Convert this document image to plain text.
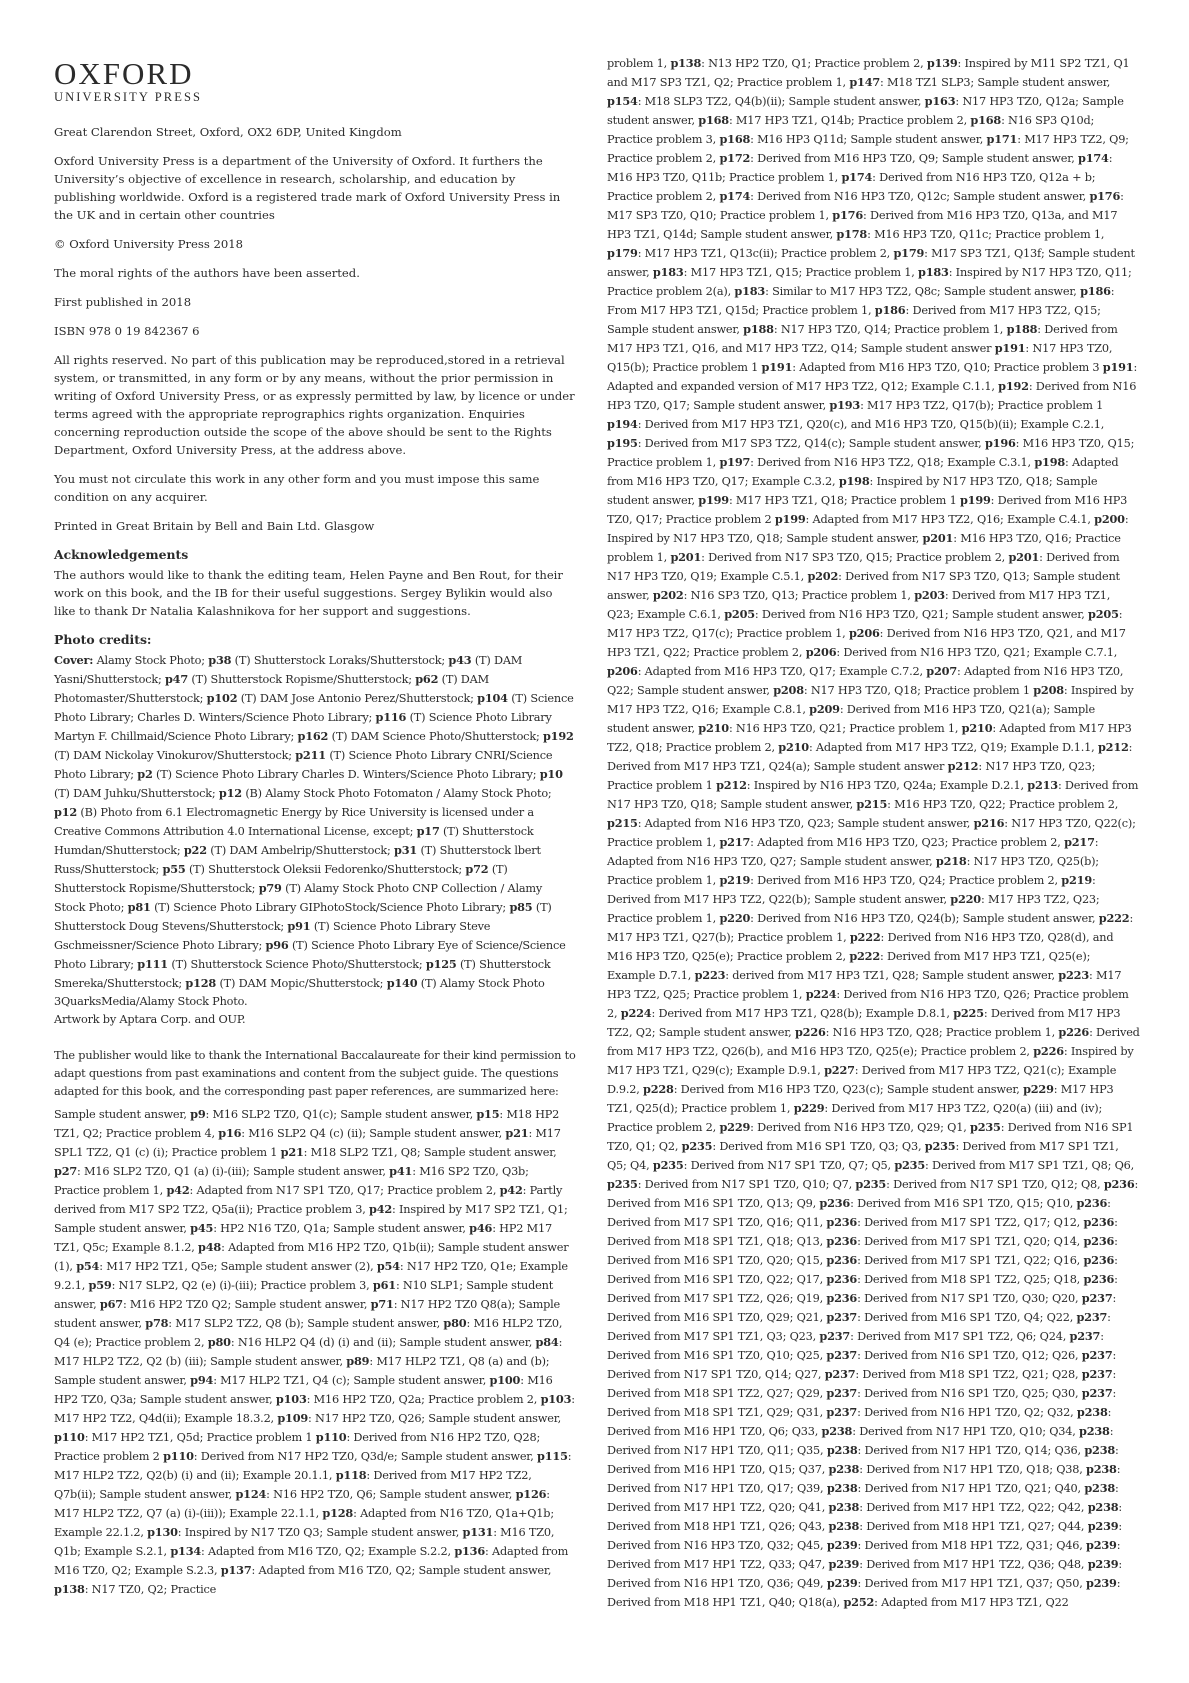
OXFORD
UNIVERSITY PRESS

Great Clarendon Street, Oxford, OX2 6DP, United Kingdom

Oxford University Press is a department of the University of Oxford. It furthers the University’s objective of excellence in research, scholarship, and education by publishing worldwide. Oxford is a registered trade mark of Oxford University Press in the UK and in certain other countries

© Oxford University Press 2018

The moral rights of the authors have been asserted.

First published in 2018

ISBN 978 0 19 842367 6

All rights reserved. No part of this publication may be reproduced,stored in a retrieval system, or transmitted, in any form or by any means, without the prior permission in writing of Oxford University Press, or as expressly permitted by law, by licence or under terms agreed with the appropriate reprographics rights organization. Enquiries concerning reproduction outside the scope of the above should be sent to the Rights Department, Oxford University Press, at the address above.

You must not circulate this work in any other form and you must impose this same condition on any acquirer.

Printed in Great Britain by Bell and Bain Ltd. Glasgow

Acknowledgements

The authors would like to thank the editing team, Helen Payne and Ben Rout, for their work on this book, and the IB for their useful suggestions. Sergey Bylikin would also like to thank Dr Natalia Kalashnikova for her support and suggestions.

Photo credits:
Cover: Alamy Stock Photo; p38 (T) Shutterstock Loraks/Shutterstock; p43 (T) DAM Yasni/Shutterstock; p47 (T) Shutterstock Ropisme/Shutterstock; p62 (T) DAM Photomaster/Shutterstock; p102 (T) DAM Jose Antonio Perez/Shutterstock; p104 (T) Science Photo Library; Charles D. Winters/Science Photo Library; p116 (T) Science Photo Library Martyn F. Chillmaid/Science Photo Library; p162 (T) DAM Science Photo/Shutterstock; p192 (T) DAM Nickolay Vinokurov/Shutterstock; p211 (T) Science Photo Library CNRI/Science Photo Library; p2 (T) Science Photo Library Charles D. Winters/Science Photo Library; p10 (T) DAM Juhku/Shutterstock; p12 (B) Alamy Stock Photo Fotomaton / Alamy Stock Photo; p12 (B) Photo from 6.1 Electromagnetic Energy by Rice University is licensed under a Creative Commons Attribution 4.0 International License, except; p17 (T) Shutterstock Humdan/Shutterstock; p22 (T) DAM Ambelrip/Shutterstock; p31 (T) Shutterstock lbert Russ/Shutterstock; p55 (T) Shutterstock Oleksii Fedorenko/Shutterstock; p72 (T) Shutterstock Ropisme/Shutterstock; p79 (T) Alamy Stock Photo CNP Collection / Alamy Stock Photo; p81 (T) Science Photo Library GIPhotoStock/Science Photo Library; p85 (T) Shutterstock Doug Stevens/Shutterstock; p91 (T) Science Photo Library Steve Gschmeissner/Science Photo Library; p96 (T) Science Photo Library Eye of Science/Science Photo Library; p111 (T) Shutterstock Science Photo/Shutterstock; p125 (T) Shutterstock Smereka/Shutterstock; p128 (T) DAM Mopic/Shutterstock; p140 (T) Alamy Stock Photo 3QuarksMedia/Alamy Stock Photo.
Artwork by Aptara Corp. and OUP.

The publisher would like to thank the International Baccalaureate for their kind permission to adapt questions from past examinations and content from the subject guide. The questions adapted for this book, and the corresponding past paper references, are summarized here:

Sample student answer, p9: M16 SLP2 TZ0, Q1(c); Sample student answer, p15: M18 HP2 TZ1, Q2; Practice problem 4, p16: M16 SLP2 Q4 (c) (ii); Sample student answer, p21: M17 SPL1 TZ2, Q1 (c) (i); Practice problem 1 p21: M18 SLP2 TZ1, Q8; Sample student answer, p27: M16 SLP2 TZ0, Q1 (a) (i)-(iii); Sample student answer, p41: M16 SP2 TZ0, Q3b; Practice problem 1, p42: Adapted from N17 SP1 TZ0, Q17; Practice problem 2, p42: Partly derived from M17 SP2 TZ2, Q5a(ii); Practice problem 3, p42: Inspired by M17 SP2 TZ1, Q1; Sample student answer, p45: HP2 N16 TZ0, Q1a; Sample student answer, p46: HP2 M17 TZ1, Q5c; Example 8.1.2, p48: Adapted from M16 HP2 TZ0, Q1b(ii); Sample student answer (1), p54: M17 HP2 TZ1, Q5e; Sample student answer (2), p54: N17 HP2 TZ0, Q1e; Example 9.2.1, p59: N17 SLP2, Q2 (e) (i)-(iii); Practice problem 3, p61: N10 SLP1; Sample student answer, p67: M16 HP2 TZ0 Q2; Sample student answer, p71: N17 HP2 TZ0 Q8(a); Sample student answer, p78: M17 SLP2 TZ2, Q8 (b); Sample student answer, p80: M16 HLP2 TZ0, Q4 (e); Practice problem 2, p80: N16 HLP2 Q4 (d) (i) and (ii); Sample student answer, p84: M17 HLP2 TZ2, Q2 (b) (iii); Sample student answer, p89: M17 HLP2 TZ1, Q8 (a) and (b); Sample student answer, p94: M17 HLP2 TZ1, Q4 (c); Sample student answer, p100: M16 HP2 TZ0, Q3a; Sample student answer, p103: M16 HP2 TZ0, Q2a; Practice problem 2, p103: M17 HP2 TZ2, Q4d(ii); Example 18.3.2, p109: N17 HP2 TZ0, Q26; Sample student answer, p110: M17 HP2 TZ1, Q5d; Practice problem 1 p110: Derived from N16 HP2 TZ0, Q28; Practice problem 2 p110: Derived from N17 HP2 TZ0, Q3d/e; Sample student answer, p115: M17 HLP2 TZ2, Q2(b) (i) and (ii); Example 20.1.1, p118: Derived from M17 HP2 TZ2, Q7b(ii); Sample student answer, p124: N16 HP2 TZ0, Q6; Sample student answer, p126: M17 HLP2 TZ2, Q7 (a) (i)-(iii)); Example 22.1.1, p128: Adapted from N16 TZ0, Q1a+Q1b; Example 22.1.2, p130: Inspired by N17 TZ0 Q3; Sample student answer, p131: M16 TZ0, Q1b; Example S.2.1, p134: Adapted from M16 TZ0, Q2; Example S.2.2, p136: Adapted from M16 TZ0, Q2; Example S.2.3, p137: Adapted from M16 TZ0, Q2; Sample student answer, p138: N17 TZ0, Q2; Practice

problem 1, p138: N13 HP2 TZ0, Q1; Practice problem 2, p139: Inspired by M11 SP2 TZ1, Q1 and M17 SP3 TZ1, Q2; Practice problem 1, p147: M18 TZ1 SLP3; Sample student answer, p154: M18 SLP3 TZ2, Q4(b)(ii); Sample student answer, p163: N17 HP3 TZ0, Q12a; Sample student answer, p168: M17 HP3 TZ1, Q14b; Practice problem 2, p168: N16 SP3 Q10d; Practice problem 3, p168: M16 HP3 Q11d; Sample student answer, p171: M17 HP3 TZ2, Q9; Practice problem 2, p172: Derived from M16 HP3 TZ0, Q9; Sample student answer, p174: M16 HP3 TZ0, Q11b; Practice problem 1, p174: Derived from N16 HP3 TZ0, Q12a + b; Practice problem 2, p174: Derived from N16 HP3 TZ0, Q12c; Sample student answer, p176: M17 SP3 TZ0, Q10; Practice problem 1, p176: Derived from M16 HP3 TZ0, Q13a, and M17 HP3 TZ1, Q14d; Sample student answer, p178: M16 HP3 TZ0, Q11c; Practice problem 1, p179: M17 HP3 TZ1, Q13c(ii); Practice problem 2, p179: M17 SP3 TZ1, Q13f; Sample student answer, p183: M17 HP3 TZ1, Q15; Practice problem 1, p183: Inspired by N17 HP3 TZ0, Q11; Practice problem 2(a), p183: Similar to M17 HP3 TZ2, Q8c; Sample student answer, p186: From M17 HP3 TZ1, Q15d; Practice problem 1, p186: Derived from M17 HP3 TZ2, Q15; Sample student answer, p188: N17 HP3 TZ0, Q14; Practice problem 1, p188: Derived from M17 HP3 TZ1, Q16, and M17 HP3 TZ2, Q14; Sample student answer p191: N17 HP3 TZ0, Q15(b); Practice problem 1 p191: Adapted from M16 HP3 TZ0, Q10; Practice problem 3 p191: Adapted and expanded version of M17 HP3 TZ2, Q12; Example C.1.1, p192: Derived from N16 HP3 TZ0, Q17; Sample student answer, p193: M17 HP3 TZ2, Q17(b); Practice problem 1 p194: Derived from M17 HP3 TZ1, Q20(c), and M16 HP3 TZ0, Q15(b)(ii); Example C.2.1, p195: Derived from M17 SP3 TZ2, Q14(c); Sample student answer, p196: M16 HP3 TZ0, Q15; Practice problem 1, p197: Derived from N16 HP3 TZ2, Q18; Example C.3.1, p198: Adapted from M16 HP3 TZ0, Q17; Example C.3.2, p198: Inspired by N17 HP3 TZ0, Q18; Sample student answer, p199: M17 HP3 TZ1, Q18; Practice problem 1 p199: Derived from M16 HP3 TZ0, Q17; Practice problem 2 p199: Adapted from M17 HP3 TZ2, Q16; Example C.4.1, p200: Inspired by N17 HP3 TZ0, Q18; Sample student answer, p201: M16 HP3 TZ0, Q16; Practice problem 1, p201: Derived from N17 SP3 TZ0, Q15; Practice problem 2, p201: Derived from N17 HP3 TZ0, Q19; Example C.5.1, p202: Derived from N17 SP3 TZ0, Q13; Sample student answer, p202: N16 SP3 TZ0, Q13; Practice problem 1, p203: Derived from M17 HP3 TZ1, Q23; Example C.6.1, p205: Derived from N16 HP3 TZ0, Q21; Sample student answer, p205: M17 HP3 TZ2, Q17(c); Practice problem 1, p206: Derived from N16 HP3 TZ0, Q21, and M17 HP3 TZ1, Q22; Practice problem 2, p206: Derived from N16 HP3 TZ0, Q21; Example C.7.1, p206: Adapted from M16 HP3 TZ0, Q17; Example C.7.2, p207: Adapted from N16 HP3 TZ0, Q22; Sample student answer, p208: N17 HP3 TZ0, Q18; Practice problem 1 p208: Inspired by M17 HP3 TZ2, Q16; Example C.8.1, p209: Derived from M16 HP3 TZ0, Q21(a); Sample student answer, p210: N16 HP3 TZ0, Q21; Practice problem 1, p210: Adapted from M17 HP3 TZ2, Q18; Practice problem 2, p210: Adapted from M17 HP3 TZ2, Q19; Example D.1.1, p212: Derived from M17 HP3 TZ1, Q24(a); Sample student answer p212: N17 HP3 TZ0, Q23; Practice problem 1 p212: Inspired by N16 HP3 TZ0, Q24a; Example D.2.1, p213: Derived from N17 HP3 TZ0, Q18; Sample student answer, p215: M16 HP3 TZ0, Q22; Practice problem 2, p215: Adapted from N16 HP3 TZ0, Q23; Sample student answer, p216: N17 HP3 TZ0, Q22(c); Practice problem 1, p217: Adapted from M16 HP3 TZ0, Q23; Practice problem 2, p217: Adapted from N16 HP3 TZ0, Q27; Sample student answer, p218: N17 HP3 TZ0, Q25(b); Practice problem 1, p219: Derived from M16 HP3 TZ0, Q24; Practice problem 2, p219: Derived from M17 HP3 TZ2, Q22(b); Sample student answer, p220: M17 HP3 TZ2, Q23; Practice problem 1, p220: Derived from N16 HP3 TZ0, Q24(b); Sample student answer, p222: M17 HP3 TZ1, Q27(b); Practice problem 1, p222: Derived from N16 HP3 TZ0, Q28(d), and M16 HP3 TZ0, Q25(e); Practice problem 2, p222: Derived from M17 HP3 TZ1, Q25(e); Example D.7.1, p223: derived from M17 HP3 TZ1, Q28; Sample student answer, p223: M17 HP3 TZ2, Q25; Practice problem 1, p224: Derived from N16 HP3 TZ0, Q26; Practice problem 2, p224: Derived from M17 HP3 TZ1, Q28(b); Example D.8.1, p225: Derived from M17 HP3 TZ2, Q2; Sample student answer, p226: N16 HP3 TZ0, Q28; Practice problem 1, p226: Derived from M17 HP3 TZ2, Q26(b), and M16 HP3 TZ0, Q25(e); Practice problem 2, p226: Inspired by M17 HP3 TZ1, Q29(c); Example D.9.1, p227: Derived from M17 HP3 TZ2, Q21(c); Example D.9.2, p228: Derived from M16 HP3 TZ0, Q23(c); Sample student answer, p229: M17 HP3 TZ1, Q25(d); Practice problem 1, p229: Derived from M17 HP3 TZ2, Q20(a) (iii) and (iv); Practice problem 2, p229: Derived from N16 HP3 TZ0, Q29; Q1, p235: Derived from N16 SP1 TZ0, Q1; Q2, p235: Derived from M16 SP1 TZ0, Q3; Q3, p235: Derived from M17 SP1 TZ1, Q5; Q4, p235: Derived from N17 SP1 TZ0, Q7; Q5, p235: Derived from M17 SP1 TZ1, Q8; Q6, p235: Derived from N17 SP1 TZ0, Q10; Q7, p235: Derived from N17 SP1 TZ0, Q12; Q8, p236: Derived from M16 SP1 TZ0, Q13; Q9, p236: Derived from M16 SP1 TZ0, Q15; Q10, p236: Derived from M17 SP1 TZ0, Q16; Q11, p236: Derived from M17 SP1 TZ2, Q17; Q12, p236: Derived from M18 SP1 TZ1, Q18; Q13, p236: Derived from M17 SP1 TZ1, Q20; Q14, p236: Derived from M16 SP1 TZ0, Q20; Q15, p236: Derived from M17 SP1 TZ1, Q22; Q16, p236: Derived from M16 SP1 TZ0, Q22; Q17, p236: Derived from M18 SP1 TZ2, Q25; Q18, p236: Derived from M17 SP1 TZ2, Q26; Q19, p236: Derived from N17 SP1 TZ0, Q30; Q20, p237: Derived from M16 SP1 TZ0, Q29; Q21, p237: Derived from M16 SP1 TZ0, Q4; Q22, p237: Derived from M17 SP1 TZ1, Q3; Q23, p237: Derived from M17 SP1 TZ2, Q6; Q24, p237: Derived from M16 SP1 TZ0, Q10; Q25, p237: Derived from N16 SP1 TZ0, Q12; Q26, p237: Derived from N17 SP1 TZ0, Q14; Q27, p237: Derived from M18 SP1 TZ2, Q21; Q28, p237: Derived from M18 SP1 TZ2, Q27; Q29, p237: Derived from N16 SP1 TZ0, Q25; Q30, p237: Derived from M18 SP1 TZ1, Q29; Q31, p237: Derived from N16 HP1 TZ0, Q2; Q32, p238: Derived from M16 HP1 TZ0, Q6; Q33, p238: Derived from N17 HP1 TZ0, Q10; Q34, p238: Derived from N17 HP1 TZ0, Q11; Q35, p238: Derived from N17 HP1 TZ0, Q14; Q36, p238: Derived from M16 HP1 TZ0, Q15; Q37, p238: Derived from N17 HP1 TZ0, Q18; Q38, p238: Derived from N17 HP1 TZ0, Q17; Q39, p238: Derived from N17 HP1 TZ0, Q21; Q40, p238: Derived from M17 HP1 TZ2, Q20; Q41, p238: Derived from M17 HP1 TZ2, Q22; Q42, p238: Derived from M18 HP1 TZ1, Q26; Q43, p238: Derived from M18 HP1 TZ1, Q27; Q44, p239: Derived from N16 HP3 TZ0, Q32; Q45, p239: Derived from M18 HP1 TZ2, Q31; Q46, p239: Derived from M17 HP1 TZ2, Q33; Q47, p239: Derived from M17 HP1 TZ2, Q36; Q48, p239: Derived from N16 HP1 TZ0, Q36; Q49, p239: Derived from M17 HP1 TZ1, Q37; Q50, p239: Derived from M18 HP1 TZ1, Q40; Q18(a), p252: Adapted from M17 HP3 TZ1, Q22
